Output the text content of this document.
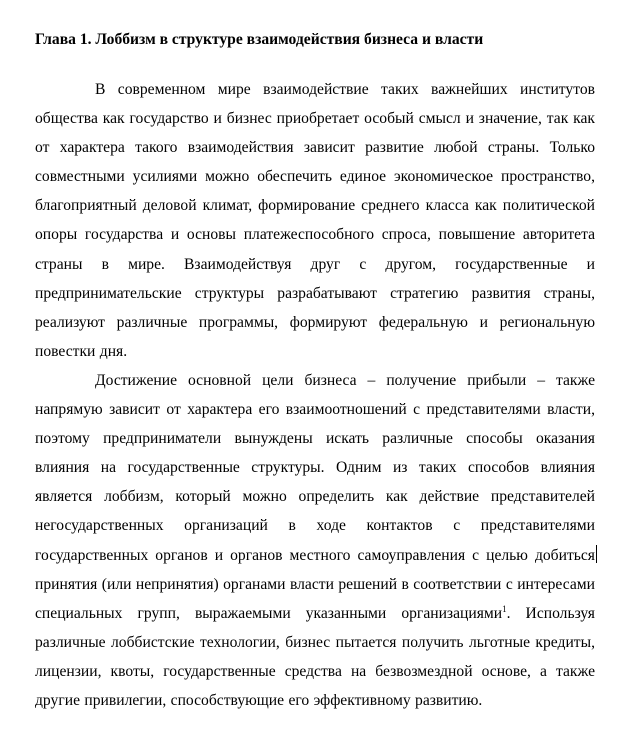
Глава 1. Лоббизм в структуре взаимодействия бизнеса и власти

В современном мире взаимодействие таких важнейших институтов общества как государство и бизнес приобретает особый смысл и значение, так как от характера такого взаимодействия зависит развитие любой страны. Только совместными усилиями можно обеспечить единое экономическое пространство, благоприятный деловой климат, формирование среднего класса как политической опоры государства и основы платежеспособного спроса, повышение авторитета страны в мире. Взаимодействуя друг с другом, государственные и предпринимательские структуры разрабатывают стратегию развития страны, реализуют различные программы, формируют федеральную и региональную повестки дня.

Достижение основной цели бизнеса – получение прибыли – также напрямую зависит от характера его взаимоотношений с представителями власти, поэтому предприниматели вынуждены искать различные способы оказания влияния на государственные структуры. Одним из таких способов влияния является лоббизм, который можно определить как действие представителей негосударственных организаций в ходе контактов с представителями государственных органов и органов местного самоуправления с целью добиться принятия (или непринятия) органами власти решений в соответствии с интересами специальных групп, выражаемыми указанными организациями$^1$. Используя различные лоббистские технологии, бизнес пытается получить льготные кредиты, лицензии, квоты, государственные средства на безвозмездной основе, а также другие привилегии, способствующие его эффективному развитию.
